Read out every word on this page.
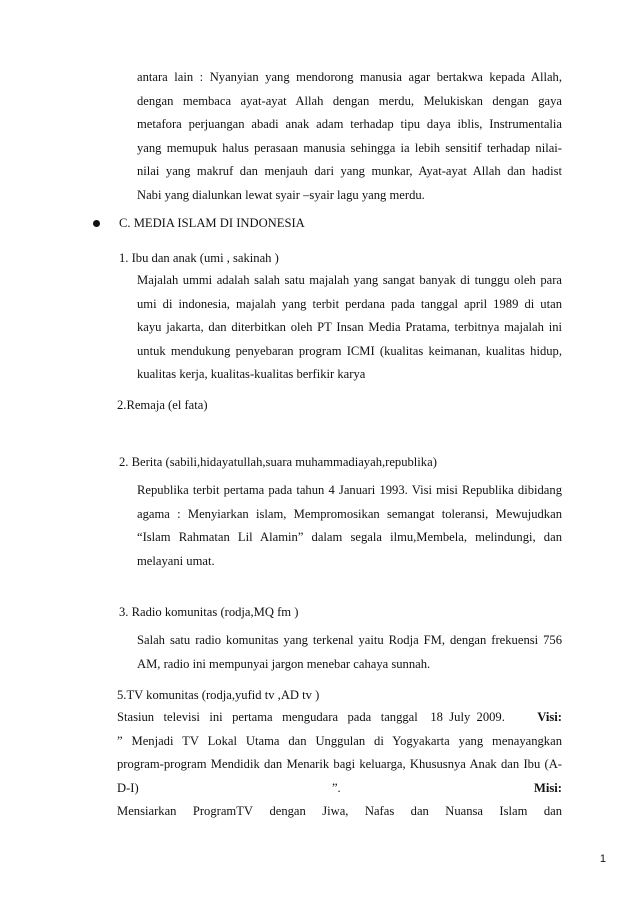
antara lain : Nyanyian yang mendorong manusia agar bertakwa kepada Allah,
dengan membaca ayat-ayat Allah dengan merdu, Melukiskan dengan gaya
metafora perjuangan abadi anak adam terhadap tipu daya iblis, Instrumentalia
yang memupuk halus perasaan manusia sehingga ia lebih sensitif terhadap nilai-
nilai yang makruf dan menjauh dari yang munkar, Ayat-ayat Allah dan hadist
Nabi yang dialunkan lewat syair –syair lagu yang merdu.

C. MEDIA ISLAM DI INDONESIA

1. Ibu dan anak (umi , sakinah )

Majalah ummi adalah salah satu majalah yang sangat banyak di tunggu oleh para
umi di indonesia, majalah yang terbit perdana pada tanggal april 1989 di utan
kayu jakarta, dan diterbitkan oleh PT Insan Media Pratama, terbitnya majalah ini
untuk mendukung penyebaran program ICMI (kualitas keimanan, kualitas hidup,
kualitas kerja, kualitas-kualitas berfikir karya

2.Remaja (el fata)

2. Berita (sabili,hidayatullah,suara muhammadiayah,republika)

Republika terbit pertama pada tahun 4 Januari 1993. Visi misi Republika dibidang
agama : Menyiarkan islam, Mempromosikan semangat toleransi, Mewujudkan
“Islam Rahmatan Lil Alamin” dalam segala ilmu,Membela, melindungi, dan
melayani umat.

3. Radio komunitas (rodja,MQ fm )

Salah satu radio komunitas yang terkenal yaitu Rodja FM, dengan frekuensi 756
AM, radio ini mempunyai jargon menebar cahaya sunnah.

5.TV komunitas (rodja,yufid tv ,AD tv )

Stasiun   televisi   ini   pertama   mengudara   pada   tanggal    18  July  2009.	Visi:
” Menjadi TV Lokal Utama dan Unggulan di Yogyakarta yang menayangkan
program-program Mendidik dan Menarik bagi keluarga, Khususnya Anak dan Ibu (A-
D-I)	”.	Misi:
Mensiarkan ProgramTV dengan Jiwa, Nafas dan Nuansa Islam dan
1
